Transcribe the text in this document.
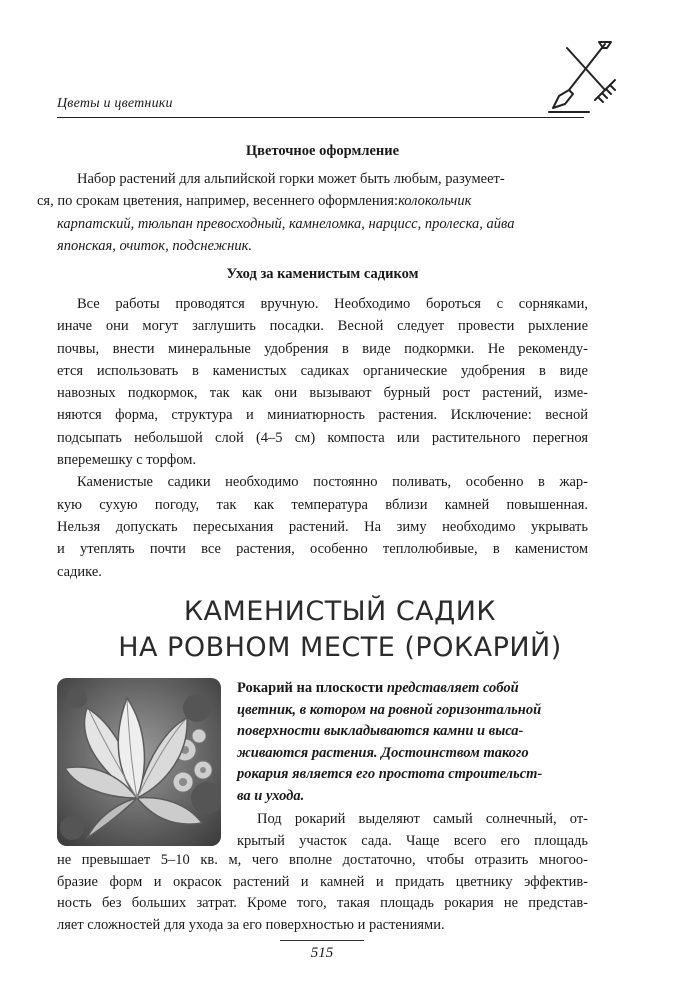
Цветы и цветники

Цветочное оформление

Набор растений для альпийской горки может быть любым, разумеет-
ся, по срокам цветения, например, весеннего оформления:колокольчик
карпатский, тюльпан превосходный, камнеломка, нарцисс, пролеска, айва
японская, очиток, подснежник.

Уход за каменистым садиком

Все работы проводятся вручную. Необходимо бороться с сорняками,
иначе они могут заглушить посадки. Весной следует провести рыхление
почвы, внести минеральные удобрения в виде подкормки. Не рекоменду-
ется использовать в каменистых садиках органические удобрения в виде
навозных подкормок, так как они вызывают бурный рост растений, изме-
няются форма, структура и миниатюрность растения. Исключение: весной
подсыпать небольшой слой (4–5 см) компоста или растительного перегноя
вперемешку с торфом.
Каменистые садики необходимо постоянно поливать, особенно в жар-
кую сухую погоду, так как температура вблизи камней повышенная.
Нельзя допускать пересыхания растений. На зиму необходимо укрывать
и утеплять почти все растения, особенно теплолюбивые, в каменистом
садике.
КАМЕНИСТЫЙ САДИК
НА РОВНОМ МЕСТЕ (РОКАРИЙ)

Рокарий на плоскости представляет собой
цветник, в котором на ровной горизонтальной
поверхности выкладываются камни и выса-
живаются растения. Достоинством такого
рокария является его простота строительст-
ва и ухода.

Под рокарий выделяют самый солнечный, от-
крытый участок сада. Чаще всего его площадь
не превышает 5–10 кв. м, чего вполне достаточно, чтобы отразить многоо-
бразие форм и окрасок растений и камней и придать цветнику эффектив-
ность без больших затрат. Кроме того, такая площадь рокария не представ-
ляет сложностей для ухода за его поверхностью и растениями.
515
